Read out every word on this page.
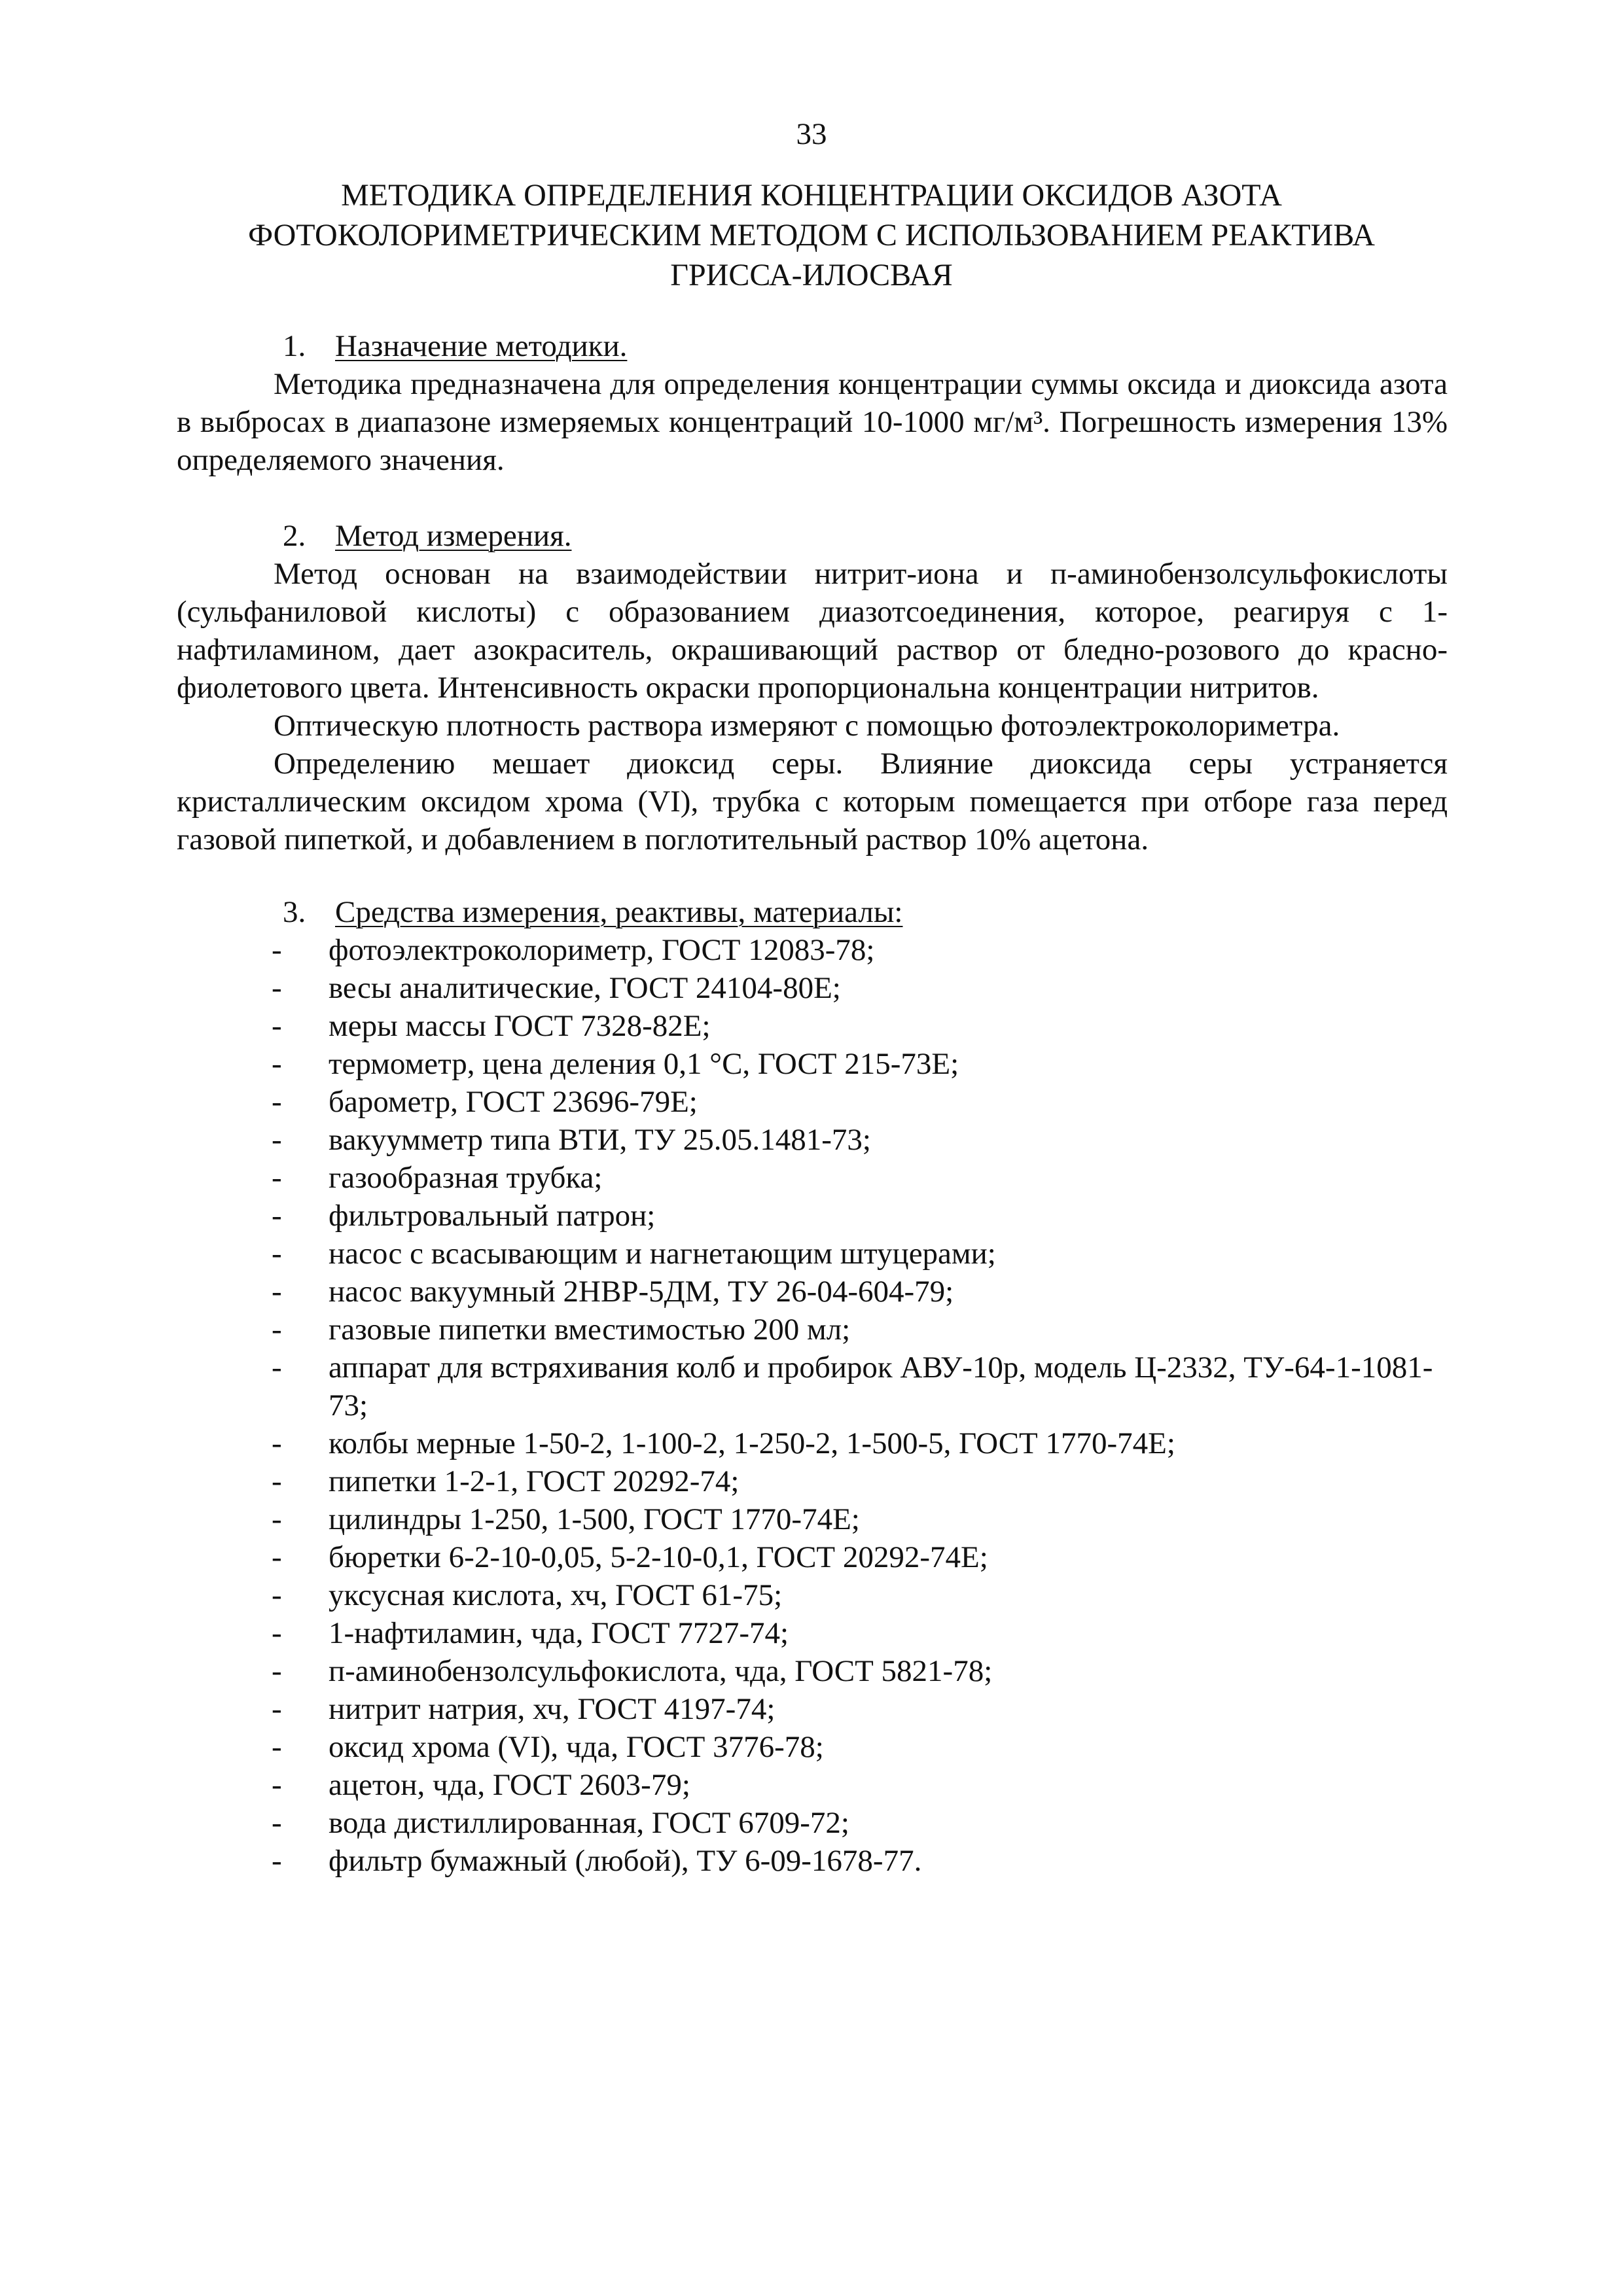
33
МЕТОДИКА ОПРЕДЕЛЕНИЯ КОНЦЕНТРАЦИИ ОКСИДОВ АЗОТА
ФОТОКОЛОРИМЕТРИЧЕСКИМ МЕТОДОМ С ИСПОЛЬЗОВАНИЕМ РЕАКТИВА
ГРИССА-ИЛОСВАЯ
1. Назначение методики.

Методика предназначена для определения концентрации суммы оксида и диоксида азота в выбросах в диапазоне измеряемых концентраций 10-1000 мг/м³. Погрешность измерения 13% определяемого значения.

2. Метод измерения.

Метод основан на взаимодействии нитрит-иона и п-аминобензолсульфокислоты (сульфаниловой кислоты) с образованием диазотсоединения, которое, реагируя с 1-нафтиламином, дает азокраситель, окрашивающий раствор от бледно-розового до красно-фиолетового цвета. Интенсивность окраски пропорциональна концентрации нитритов.

Оптическую плотность раствора измеряют с помощью фотоэлектроколориметра.

Определению мешает диоксид серы. Влияние диоксида серы устраняется кристаллическим оксидом хрома (VI), трубка с которым помещается при отборе газа перед газовой пипеткой, и добавлением в поглотительный раствор 10% ацетона.

3. Средства измерения, реактивы, материалы:
- фотоэлектроколориметр, ГОСТ 12083-78;
- весы аналитические, ГОСТ 24104-80Е;
- меры массы ГОСТ 7328-82Е;
- термометр, цена деления 0,1 °С, ГОСТ 215-73Е;
- барометр, ГОСТ 23696-79Е;
- вакуумметр типа ВТИ, ТУ 25.05.1481-73;
- газообразная трубка;
- фильтровальный патрон;
- насос с всасывающим и нагнетающим штуцерами;
- насос вакуумный 2НВР-5ДМ, ТУ 26-04-604-79;
- газовые пипетки вместимостью 200 мл;
- аппарат для встряхивания колб и пробирок АВУ-10р, модель Ц-2332, ТУ-64-1-1081-73;
- колбы мерные 1-50-2, 1-100-2, 1-250-2, 1-500-5, ГОСТ 1770-74Е;
- пипетки 1-2-1, ГОСТ 20292-74;
- цилиндры 1-250, 1-500, ГОСТ 1770-74Е;
- бюретки 6-2-10-0,05, 5-2-10-0,1, ГОСТ 20292-74Е;
- уксусная кислота, хч, ГОСТ 61-75;
- 1-нафтиламин, чда, ГОСТ 7727-74;
- п-аминобензолсульфокислота, чда, ГОСТ 5821-78;
- нитрит натрия, хч, ГОСТ 4197-74;
- оксид хрома (VI), чда, ГОСТ 3776-78;
- ацетон, чда, ГОСТ 2603-79;
- вода дистиллированная, ГОСТ 6709-72;
- фильтр бумажный (любой), ТУ 6-09-1678-77.
